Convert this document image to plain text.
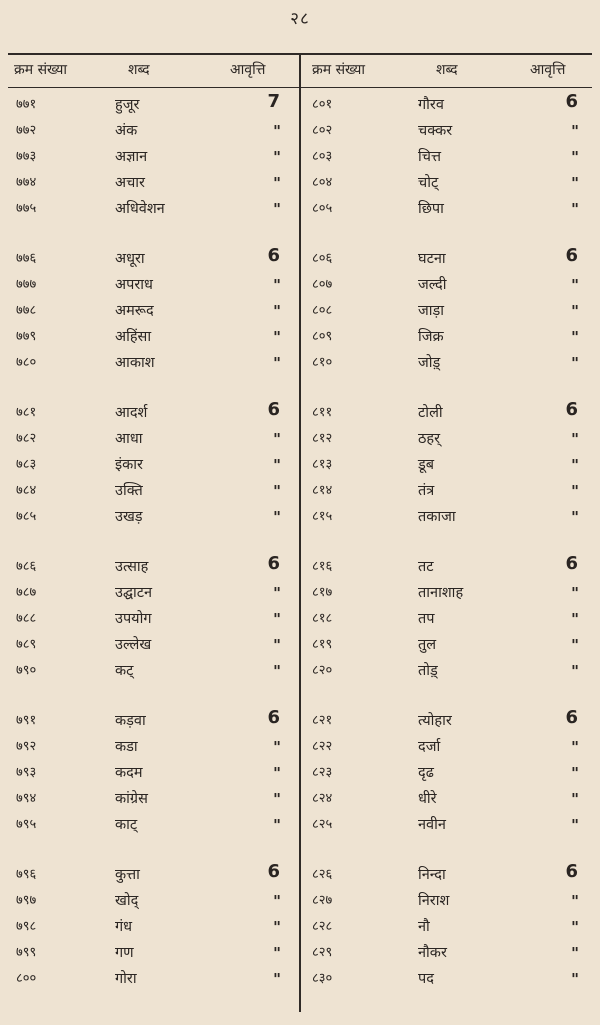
२८
क्रम संख्या	शब्द	आवृत्ति	क्रम संख्या	शब्द	आवृत्ति
७७१	हुजूर	7
७७२	अंक	"
७७३	अज्ञान	"
७७४	अचार	"
७७५	अधिवेशन	"
७७६	अधूरा	6
७७७	अपराध	"
७७८	अमरूद	"
७७९	अहिंसा	"
७८०	आकाश	"
७८१	आदर्श	6
७८२	आधा	"
७८३	इंकार	"
७८४	उक्ति	"
७८५	उखड़	"
७८६	उत्साह	6
७८७	उद्घाटन	"
७८८	उपयोग	"
७८९	उल्लेख	"
७९०	कट्	"
७९१	कड़वा	6
७९२	कडा	"
७९३	कदम	"
७९४	कांग्रेस	"
७९५	काट्	"
७९६	कुत्ता	6
७९७	खोद्	"
७९८	गंध	"
७९९	गण	"
८००	गोरा	"
८०१	गौरव	6
८०२	चक्कर	"
८०३	चित्त	"
८०४	चोट्	"
८०५	छिपा	"
८०६	घटना	6
८०७	जल्दी	"
८०८	जाड़ा	"
८०९	जिक्र	"
८१०	जोड़्	"
८११	टोली	6
८१२	ठहर्	"
८१३	डूब	"
८१४	तंत्र	"
८१५	तकाजा	"
८१६	तट	6
८१७	तानाशाह	"
८१८	तप	"
८१९	तुल	"
८२०	तोड़्	"
८२१	त्योहार	6
८२२	दर्जा	"
८२३	दृढ	"
८२४	धीरे	"
८२५	नवीन	"
८२६	निन्दा	6
८२७	निराश	"
८२८	नौ	"
८२९	नौकर	"
८३०	पद	"
